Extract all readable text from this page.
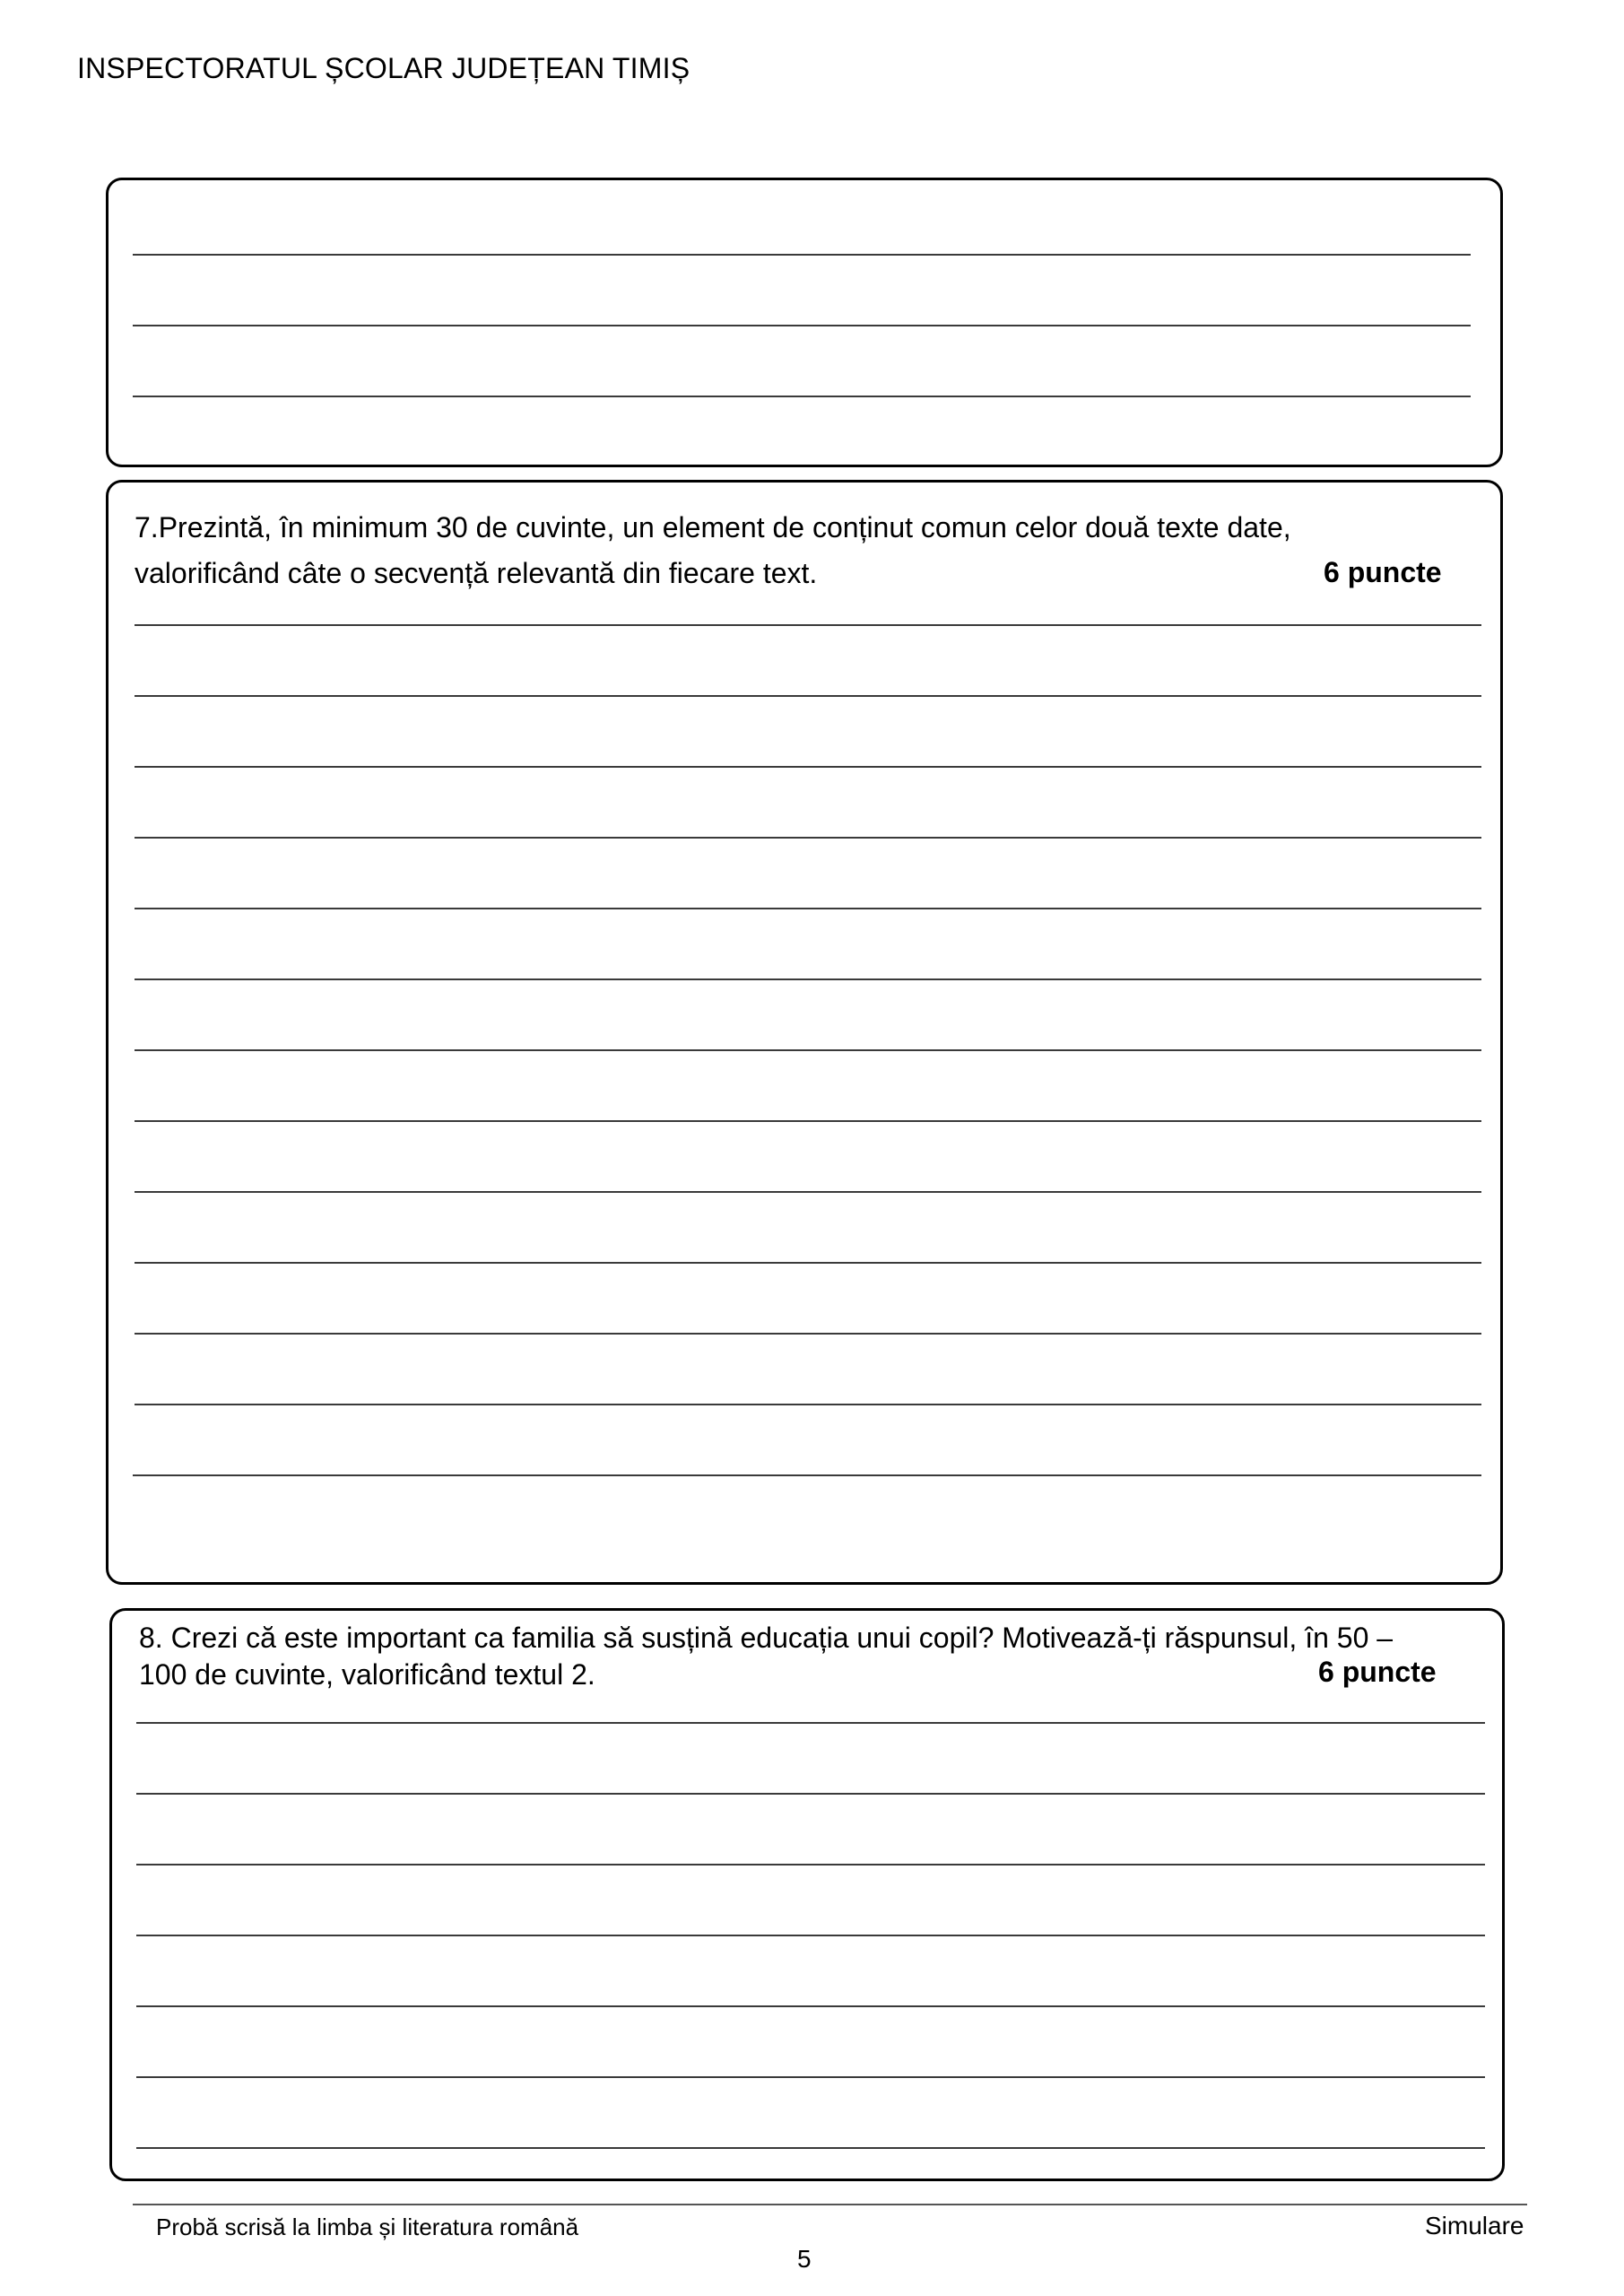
INSPECTORATUL ȘCOLAR JUDEȚEAN TIMIȘ
7.Prezintă, în minimum 30 de cuvinte, un element de conținut comun celor două texte date,
valorificând câte o secvență relevantă din fiecare text.	6 puncte
8. Crezi că este important ca familia să susțină educația unui copil? Motivează-ți răspunsul, în 50 –
100 de cuvinte, valorificând textul 2.	6 puncte
Probă scrisă la limba și literatura română	Simulare
5
